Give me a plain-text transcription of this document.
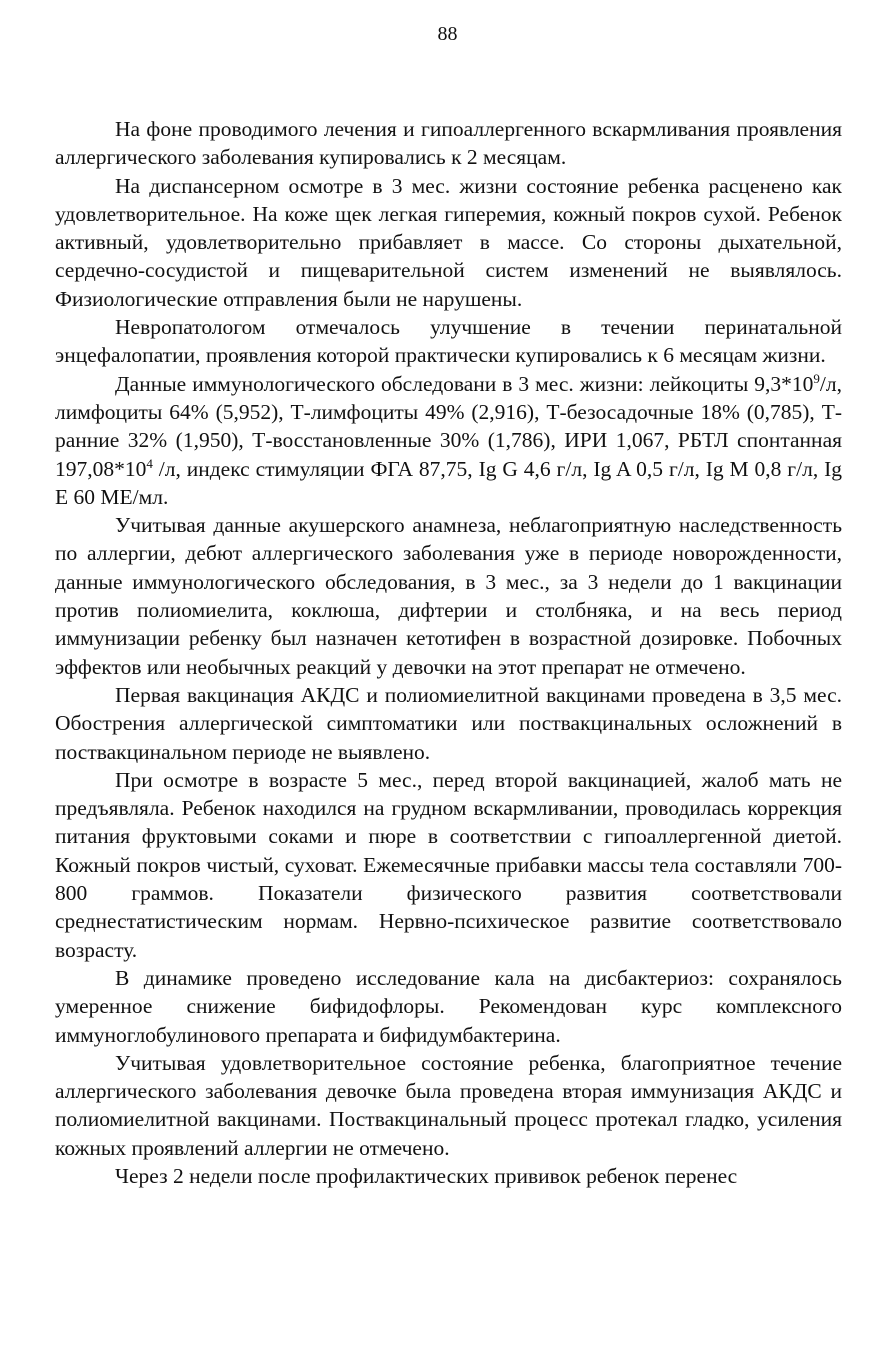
88

На фоне проводимого лечения и гипоаллергенного вскармливания проявления аллергического заболевания купировались к 2 месяцам.

На диспансерном осмотре в 3 мес. жизни состояние ребенка расценено как удовлетворительное. На коже щек легкая гиперемия, кожный покров сухой. Ребенок активный, удовлетворительно прибавляет в массе. Со стороны дыхательной, сердечно-сосудистой и пищеварительной систем изменений не выявлялось. Физиологические отправления были не нарушены.

Невропатологом отмечалось улучшение в течении перинатальной энцефалопатии, проявления которой практически купировались к 6 месяцам жизни.

Данные иммунологического обследовани в 3 мес. жизни: лейкоциты $9,3*10^9/л$, лимфоциты 64% (5,952), Т-лимфоциты 49% (2,916), Т-безосадочные 18% (0,785), Т-ранние 32% (1,950), Т-восстановленные 30% (1,786), ИРИ 1,067, РБТЛ спонтанная $197,08*10^4$ /л, индекс стимуляции ФГА 87,75, Ig G 4,6 г/л, Ig A 0,5 г/л, Ig M 0,8 г/л, Ig E 60 МЕ/мл.

Учитывая данные акушерского анамнеза, неблагоприятную наследственность по аллергии, дебют аллергического заболевания уже в периоде новорожденности, данные иммунологического обследования, в 3 мес., за 3 недели до 1 вакцинации против полиомиелита, коклюша, дифтерии и столбняка, и на весь период иммунизации ребенку был назначен кетотифен в возрастной дозировке. Побочных эффектов или необычных реакций у девочки на этот препарат не отмечено.

Первая вакцинация АКДС и полиомиелитной вакцинами проведена в 3,5 мес. Обострения аллергической симптоматики или поствакцинальных осложнений в поствакцинальном периоде не выявлено.

При осмотре в возрасте 5 мес., перед второй вакцинацией, жалоб мать не предъявляла. Ребенок находился на грудном вскармливании, проводилась коррекция питания фруктовыми соками и пюре в соответствии с гипоаллергенной диетой. Кожный покров чистый, суховат. Ежемесячные прибавки массы тела составляли 700-800 граммов. Показатели физического развития соответствовали среднестатистическим нормам. Нервно-психическое развитие соответствовало возрасту.

В динамике проведено исследование кала на дисбактериоз: сохранялось умеренное снижение бифидофлоры. Рекомендован курс комплексного иммуноглобулинового препарата и бифидумбактерина.

Учитывая удовлетворительное состояние ребенка, благоприятное течение аллергического заболевания девочке была проведена вторая иммунизация АКДС и полиомиелитной вакцинами. Поствакцинальный процесс протекал гладко, усиления кожных проявлений аллергии не отмечено.

Через 2 недели после профилактических прививок ребенок перенес
